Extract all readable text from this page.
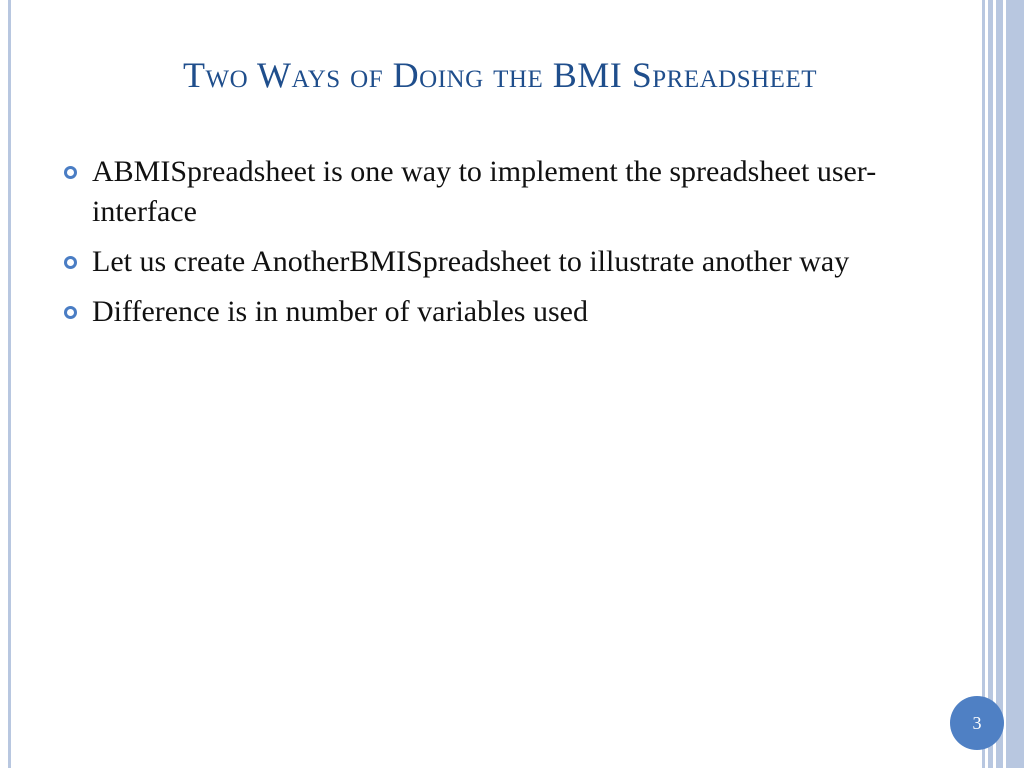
Two Ways of Doing the BMI Spreadsheet
ABMISpreadsheet is one way to implement the spreadsheet user-interface
Let us create AnotherBMISpreadsheet to illustrate another way
Difference is in number of variables used
3
